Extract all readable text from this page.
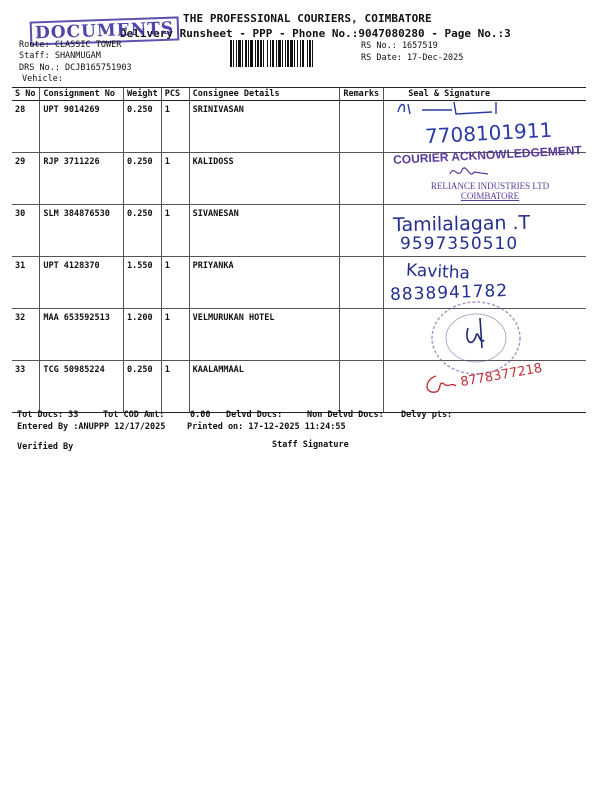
THE PROFESSIONAL COURIERS, COIMBATORE
Delivery Runsheet - PPP - Phone No.:9047080280 - Page No.:3
DOCUMENTS
Route: CLASSIC TOWER
Staff: SHANMUGAM
DRS No.: DCJB165751903
Vehicle:
RS No.: 1657519
RS Date: 17-Dec-2025
S No	Consignment No	Weight	PCS	Consignee Details	Remarks	Seal & Signature
28	UPT 9014269	0.250	1	SRINIVASAN		
29	RJP 3711226	0.250	1	KALIDOSS		
30	SLM 384876530	0.250	1	SIVANESAN		
31	UPT 4128370	1.550	1	PRIYANKA		
32	MAA 653592513	1.200	1	VELMURUKAN HOTEL		
33	TCG 50985224	0.250	1	KAALAMMAAL		
7708101911
COURIER ACKNOWLEDGEMENT
RELIANCE INDUSTRIES LTD
COIMBATORE
Tamilalagan .T
9597350510
Kavitha
8838941782
8778377218
Tot Docs: 33	Tot COD Amt:     0.00 Delvd Docs:	Non Delvd Docs: Delvy pts:
Entered By :ANUPPP 12/17/2025	Printed on: 17-12-2025 11:24:55
Verified By	Staff Signature
